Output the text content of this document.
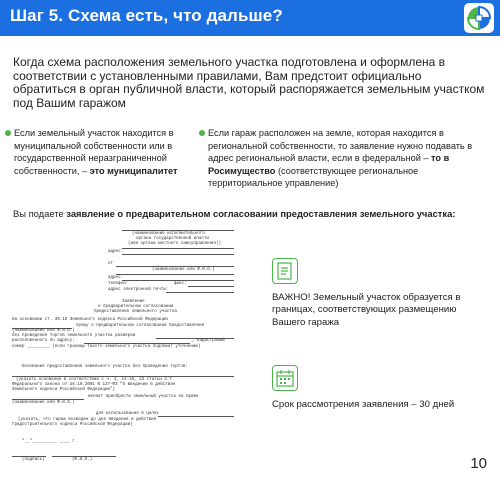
Шаг 5. Схема есть, что дальше?
Когда схема расположения земельного участка подготовлена и оформлена в соответствии с установленными правилами, Вам предстоит официально обратиться в орган публичной власти, который распоряжается земельным участком под Вашим гаражом
Если земельный участок находится в муниципальной собственности или в государственной неразграниченной собственности, – это муниципалитет
Если гараж расположен на земле, которая находится в региональной собственности, то заявление нужно подавать в адрес региональной власти, если в федеральной – то в Росимущество (соответствующее региональное территориальное управление)
Вы подаете заявление о предварительном согласовании предоставления земельного участка:
(наименование исполнительного
органа государственной власти
(или органа местного самоуправления))
адрес:
от
(наименование или Ф.И.О.)
адрес:
телефон:	факс:
адрес электронной почты:
Заявление
о предварительном согласовании
предоставления земельного участка
На основании ст. 39.15 Земельного кодекса Российской Федерации
прошу о предварительном согласовании предоставления
(наименование или Ф.И.О.)
без проведения торгов земельного участка размером
расположенного по адресу:	, кадастровый
номер _________ (если границы такого земельного участка подлежат уточнению)
Основание предоставления земельного участка без проведения торгов:
(указать основание в соответствии с ч. 2, 14-16, 23 статьи 3.7
Федерального закона от 25.10.2001 N 137-ФЗ "О введении в действие
Земельного кодекса Российской Федерации")
желает приобрести земельный участок на праве
(наименование или Ф.И.О.)
для использования в целях
(указать, что гараж возведен до дня введения в действие
Градостроительного кодекса Российской Федерации)
"__"__________ ____ г.
(подпись)	(Ф.И.О.)
ВАЖНО! Земельный участок образуется в границах, соответствующих размещению Вашего гаража
Срок рассмотрения заявления – 30 дней
10
